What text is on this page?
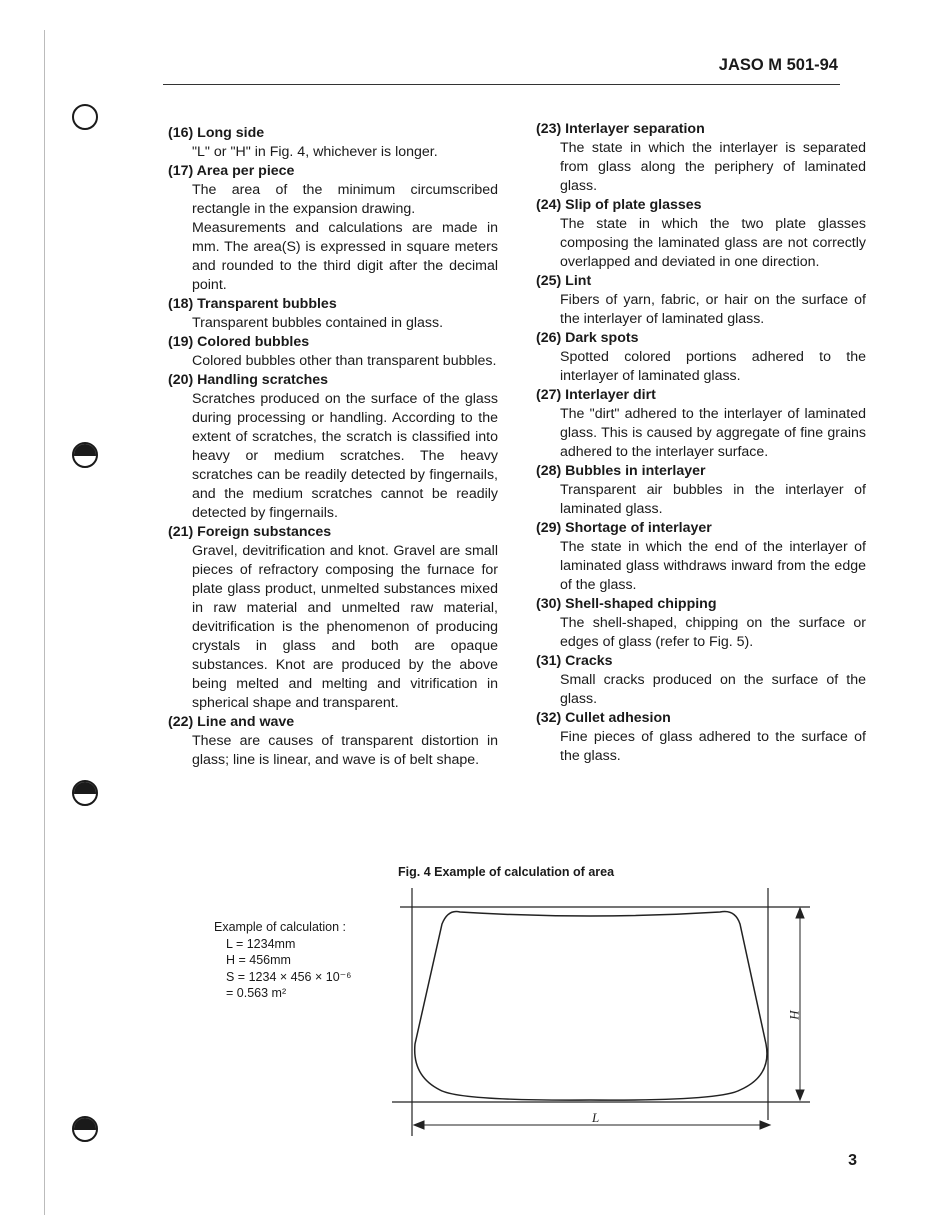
JASO M 501-94
(16) Long side
"L" or "H" in Fig. 4, whichever is longer.
(17) Area per piece
The area of the minimum circumscribed rectangle in the expansion drawing.
Measurements and calculations are made in mm. The area(S) is expressed in square meters and rounded to the third digit after the decimal point.
(18) Transparent bubbles
Transparent bubbles contained in glass.
(19) Colored bubbles
Colored bubbles other than transparent bubbles.
(20) Handling scratches
Scratches produced on the surface of the glass during processing or handling. According to the extent of scratches, the scratch is classified into heavy or medium scratches. The heavy scratches can be readily detected by fingernails, and the medium scratches cannot be readily detected by fingernails.
(21) Foreign substances
Gravel, devitrification and knot. Gravel are small pieces of refractory composing the furnace for plate glass product, unmelted substances mixed in raw material and unmelted raw material, devitrification is the phenomenon of producing crystals in glass and both are opaque substances. Knot are produced by the above being melted and melting and vitrification in spherical shape and transparent.
(22) Line and wave
These are causes of transparent distortion in glass; line is linear, and wave is of belt shape.
(23) Interlayer separation
The state in which the interlayer is separated from glass along the periphery of laminated glass.
(24) Slip of plate glasses
The state in which the two plate glasses composing the laminated glass are not correctly overlapped and deviated in one direction.
(25) Lint
Fibers of yarn, fabric, or hair on the surface of the interlayer of laminated glass.
(26) Dark spots
Spotted colored portions adhered to the interlayer of laminated glass.
(27) Interlayer dirt
The "dirt" adhered to the interlayer of laminated glass. This is caused by aggregate of fine grains adhered to the interlayer surface.
(28) Bubbles in interlayer
Transparent air bubbles in the interlayer of laminated glass.
(29) Shortage of interlayer
The state in which the end of the interlayer of laminated glass withdraws inward from the edge of the glass.
(30) Shell-shaped chipping
The shell-shaped, chipping on the surface or edges of glass (refer to Fig. 5).
(31) Cracks
Small cracks produced on the surface of the glass.
(32) Cullet adhesion
Fine pieces of glass adhered to the surface of the glass.
Fig. 4 Example of calculation of area
Example of calculation :
L = 1234mm
H = 456mm
S = 1234 × 456 × 10⁻⁶
= 0.563 m²
H
L
3
